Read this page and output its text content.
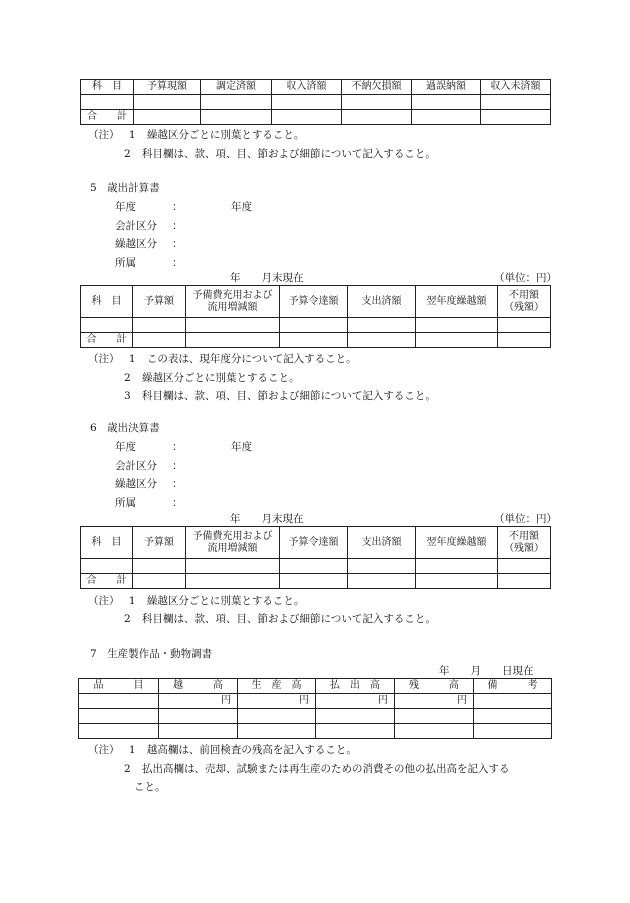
科　目	予算現額	調定済額	収入済額	不納欠損額	過誤納額	収入未済額

合　　計						
（注） 1 繰越区分ごとに別葉とすること。
2 科目欄は、款、項、目、節および細節について記入すること。
5　歳出計算書
年度	：	年度
会計区分 ：
繰越区分 ：
所属	：
年　　月末現在	（単位：円）
科　目	予算額	予備費充用および流用増減額	予算令達額	支出済額	翌年度繰越額	不用額（残額）

合　　計						
（注） 1 この表は、現年度分について記入すること。
2 繰越区分ごとに別葉とすること。
3 科目欄は、款、項、目、節および細節について記入すること。
6　歳出決算書
年度	：	年度
会計区分 ：
繰越区分 ：
所属	：
年　　月末現在	（単位：円）
科　目	予算額	予備費充用および流用増減額	予算令達額	支出済額	翌年度繰越額	不用額（残額）

合　　計						
（注） 1 繰越区分ごとに別葉とすること。
2 科目欄は、款、項、目、節および細節について記入すること。
7　生産製作品・動物調書
年　　月　　日現在
品　　　目	越　　　高	生　産　高	払　出　高	残　　　高	備　　　考
	円	円	円	円	

（注） 1 越高欄は、前回検査の残高を記入すること。
2 払出高欄は、売却、試験または再生産のための消費その他の払出高を記入する
こと。
